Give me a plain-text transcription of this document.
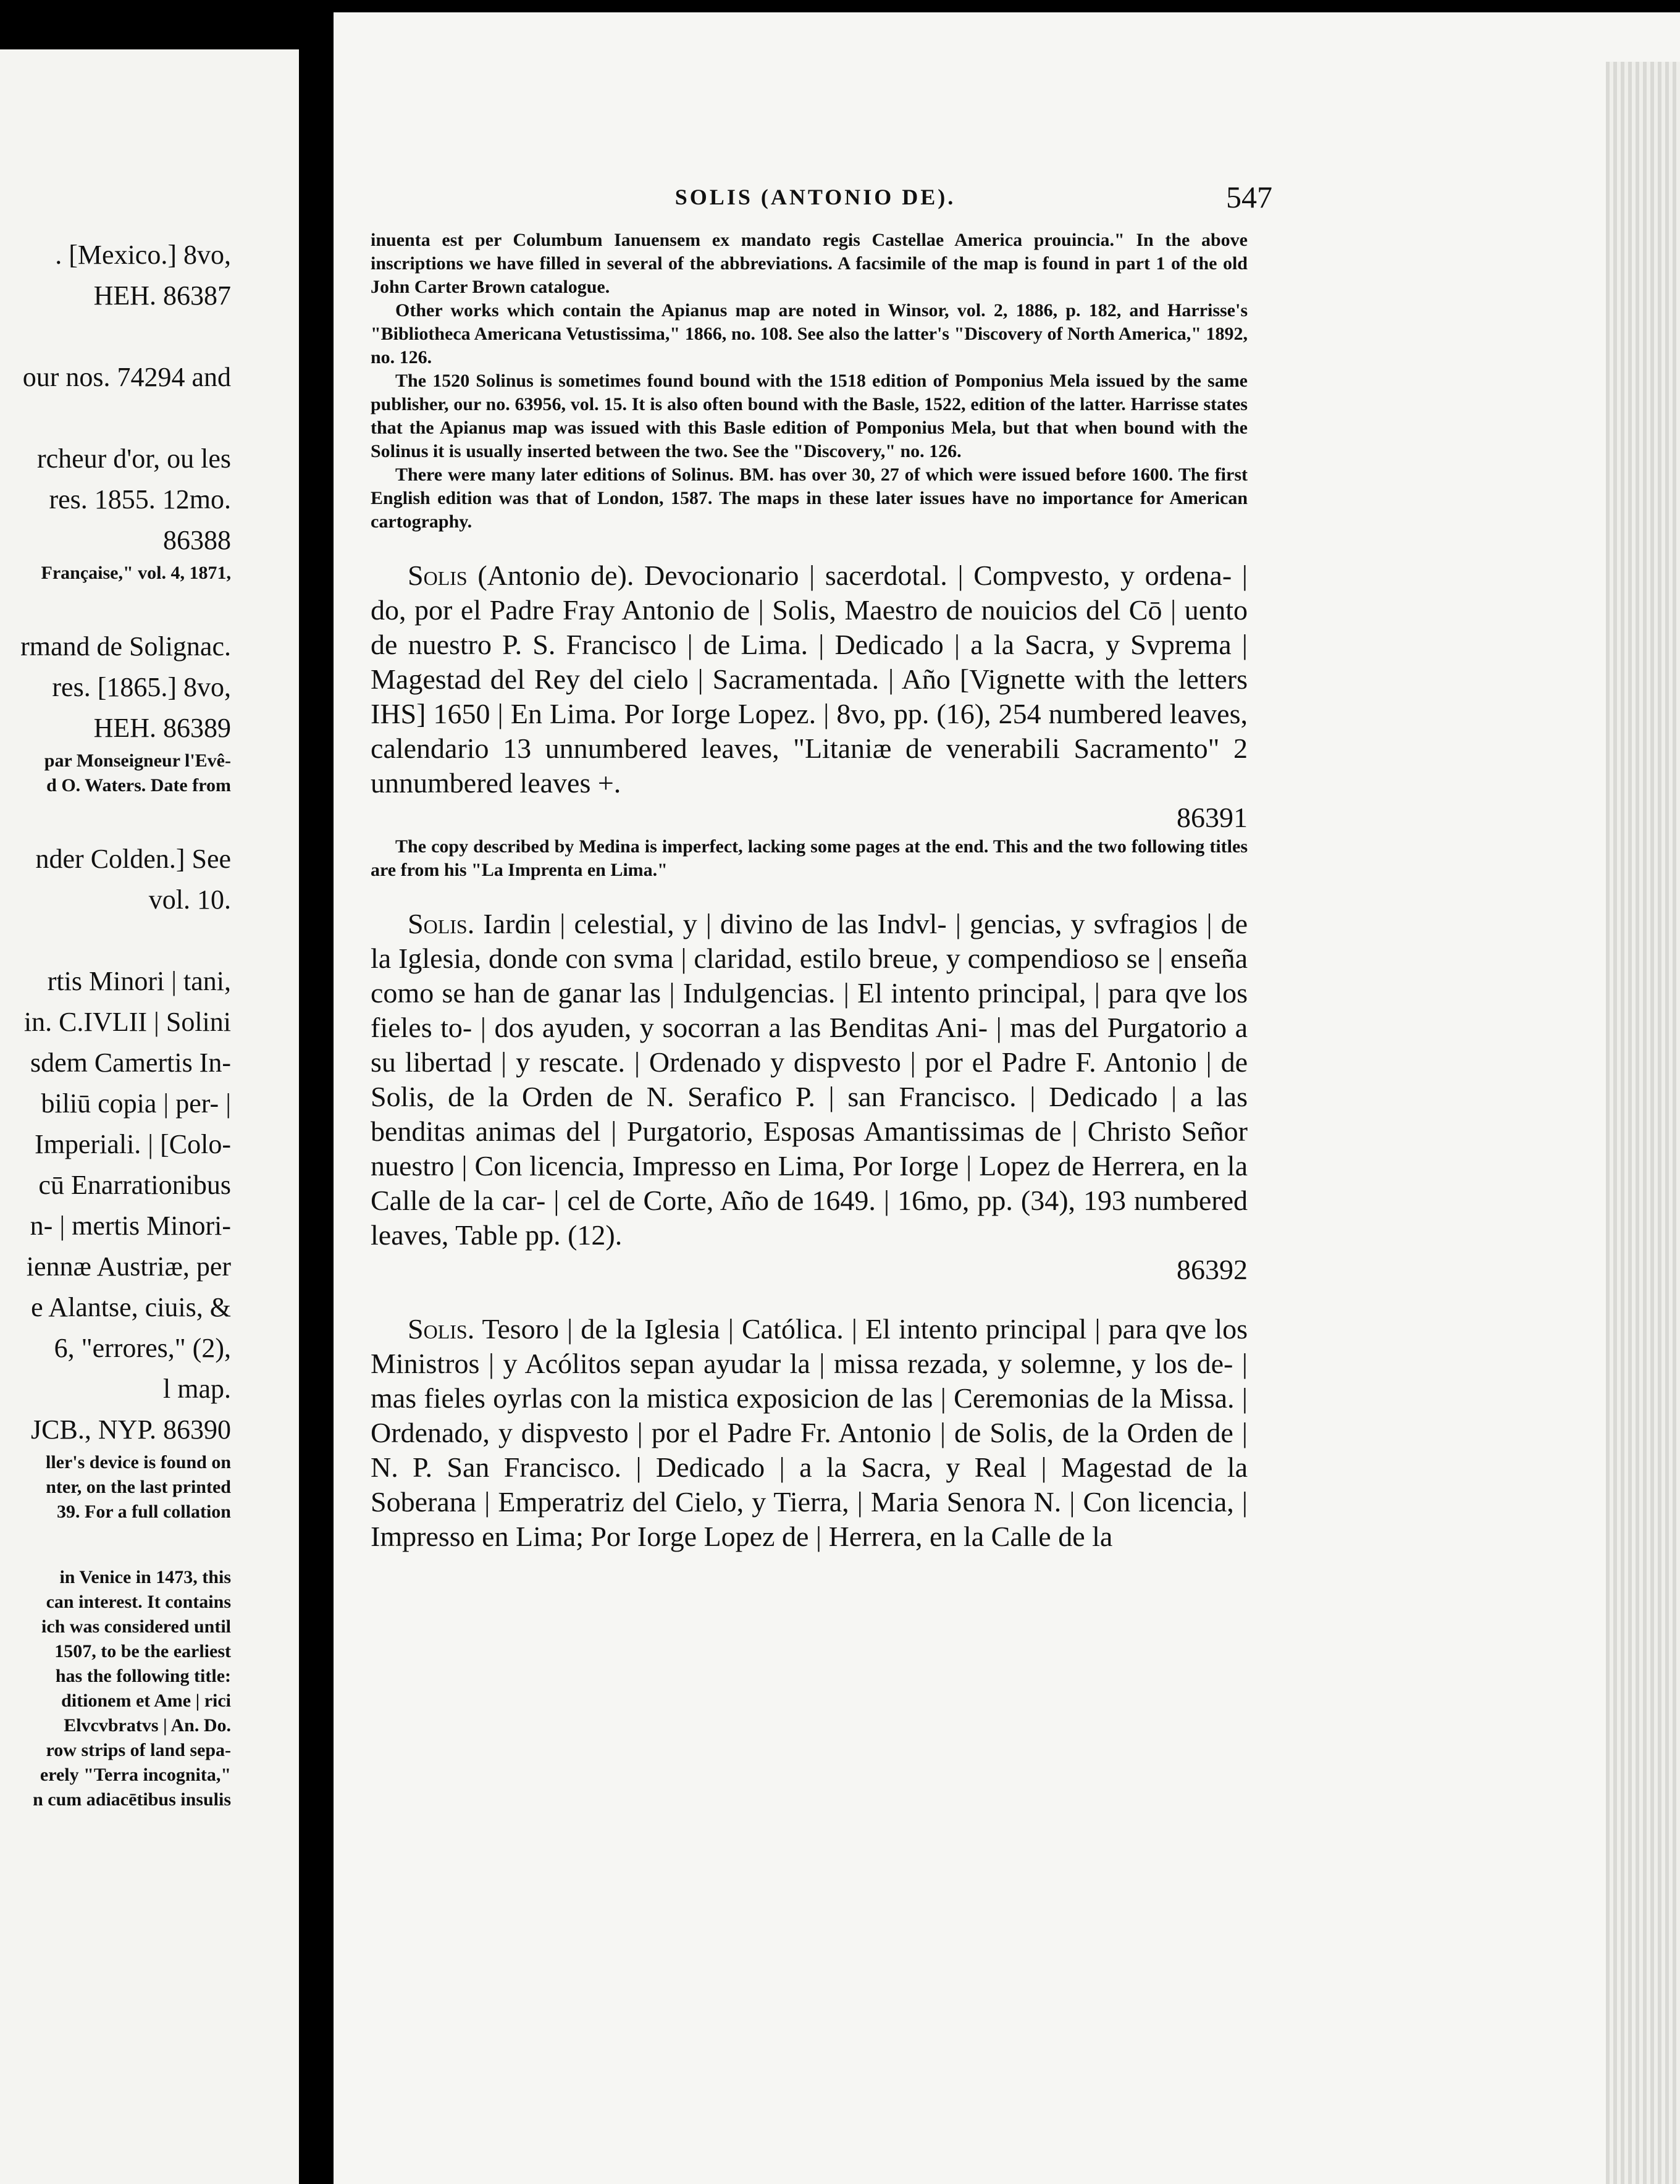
. [Mexico.] 8vo,

HEH. 86387

our nos. 74294 and

rcheur d'or, ou les

res. 1855. 12mo.

86388

Française," vol. 4, 1871,

rmand de Solignac.

res. [1865.] 8vo,

HEH. 86389

par Monseigneur l'Evê-

d O. Waters. Date from

nder Colden.] See

vol. 10.

rtis Minori | tani,

in. C.IVLII | Solini

sdem Camertis In-

biliū copia | per- |

Imperiali. | [Colo-

cū Enarrationibus

n- | mertis Minori-

iennæ Austriæ, per

e Alantse, ciuis, &

6, "errores," (2),

l map.

JCB., NYP. 86390

ller's device is found on

nter, on the last printed

39. For a full collation

in Venice in 1473, this

can interest. It contains

ich was considered until

1507, to be the earliest

has the following title:

ditionem et Ame | rici

Elvcvbratvs | An. Do.

row strips of land sepa-

erely "Terra incognita,"

n cum adiacētibus insulis

SOLIS (ANTONIO DE).	547

inuenta est per Columbum Ianuensem ex mandato regis Castellae America prouincia." In the above inscriptions we have filled in several of the abbreviations. A facsimile of the map is found in part 1 of the old John Carter Brown catalogue.

Other works which contain the Apianus map are noted in Winsor, vol. 2, 1886, p. 182, and Harrisse's "Bibliotheca Americana Vetustissima," 1866, no. 108. See also the latter's "Discovery of North America," 1892, no. 126.

The 1520 Solinus is sometimes found bound with the 1518 edition of Pomponius Mela issued by the same publisher, our no. 63956, vol. 15. It is also often bound with the Basle, 1522, edition of the latter. Harrisse states that the Apianus map was issued with this Basle edition of Pomponius Mela, but that when bound with the Solinus it is usually inserted between the two. See the "Discovery," no. 126.

There were many later editions of Solinus. BM. has over 30, 27 of which were issued before 1600. The first English edition was that of London, 1587. The maps in these later issues have no importance for American cartography.

Solis (Antonio de). Devocionario | sacerdotal. | Compvesto, y ordena- | do, por el Padre Fray Antonio de | Solis, Maestro de nouicios del Cō | uento de nuestro P. S. Francisco | de Lima. | Dedicado | a la Sacra, y Svprema | Magestad del Rey del cielo | Sacramentada. | Año [Vignette with the letters IHS] 1650 | En Lima. Por Iorge Lopez. | 8vo, pp. (16), 254 numbered leaves, calendario 13 unnumbered leaves, "Litaniæ de venerabili Sacramento" 2 unnumbered leaves +.

86391

The copy described by Medina is imperfect, lacking some pages at the end. This and the two following titles are from his "La Imprenta en Lima."

Solis. Iardin | celestial, y | divino de las Indvl- | gencias, y svfragios | de la Iglesia, donde con svma | claridad, estilo breue, y compendioso se | enseña como se han de ganar las | Indulgencias. | El intento principal, | para qve los fieles to- | dos ayuden, y socorran a las Benditas Ani- | mas del Purgatorio a su libertad | y rescate. | Ordenado y dispvesto | por el Padre F. Antonio | de Solis, de la Orden de N. Serafico P. | san Francisco. | Dedicado | a las benditas animas del | Purgatorio, Esposas Amantissimas de | Christo Señor nuestro | Con licencia, Impresso en Lima, Por Iorge | Lopez de Herrera, en la Calle de la car- | cel de Corte, Año de 1649. | 16mo, pp. (34), 193 numbered leaves, Table pp. (12).

86392

Solis. Tesoro | de la Iglesia | Católica. | El intento principal | para qve los Ministros | y Acólitos sepan ayudar la | missa rezada, y solemne, y los de- | mas fieles oyrlas con la mistica exposicion de las | Ceremonias de la Missa. | Ordenado, y dispvesto | por el Padre Fr. Antonio | de Solis, de la Orden de | N. P. San Francisco. | Dedicado | a la Sacra, y Real | Magestad de la Soberana | Emperatriz del Cielo, y Tierra, | Maria Senora N. | Con licencia, | Impresso en Lima; Por Iorge Lopez de | Herrera, en la Calle de la
